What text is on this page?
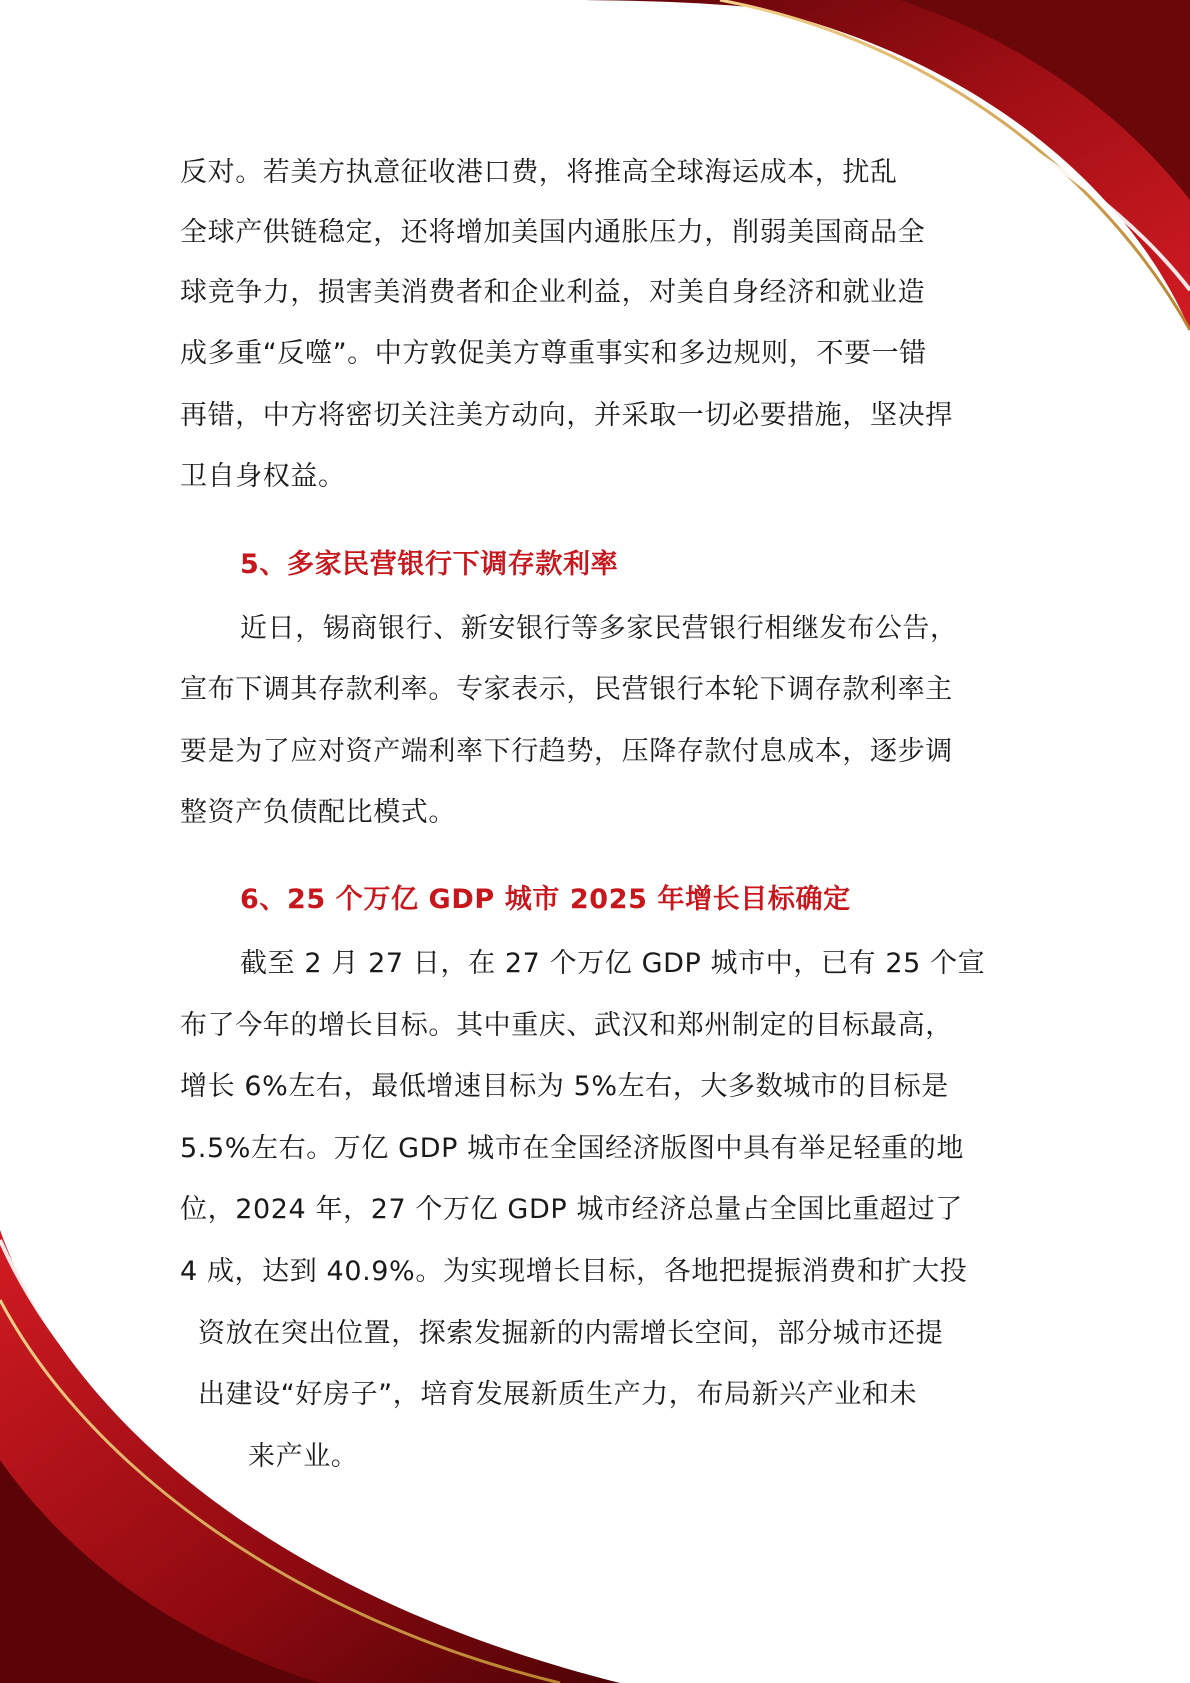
反对。若美方执意征收港口费，将推高全球海运成本，扰乱
全球产供链稳定，还将增加美国内通胀压力，削弱美国商品全
球竞争力，损害美消费者和企业利益，对美自身经济和就业造
成多重“反噬”。中方敦促美方尊重事实和多边规则，不要一错
再错，中方将密切关注美方动向，并采取一切必要措施，坚决捍
卫自身权益。
5、多家民营银行下调存款利率
近日，锡商银行、新安银行等多家民营银行相继发布公告，
宣布下调其存款利率。专家表示，民营银行本轮下调存款利率主
要是为了应对资产端利率下行趋势，压降存款付息成本，逐步调
整资产负债配比模式。
6、25 个万亿 GDP 城市 2025 年增长目标确定
截至 2 月 27 日，在 27 个万亿 GDP 城市中，已有 25 个宣
布了今年的增长目标。其中重庆、武汉和郑州制定的目标最高，
增长 6%左右，最低增速目标为 5%左右，大多数城市的目标是
5.5%左右。万亿 GDP 城市在全国经济版图中具有举足轻重的地
位，2024 年，27 个万亿 GDP 城市经济总量占全国比重超过了
4 成，达到 40.9%。为实现增长目标，各地把提振消费和扩大投
资放在突出位置，探索发掘新的内需增长空间，部分城市还提
出建设“好房子”，培育发展新质生产力，布局新兴产业和未
来产业。
